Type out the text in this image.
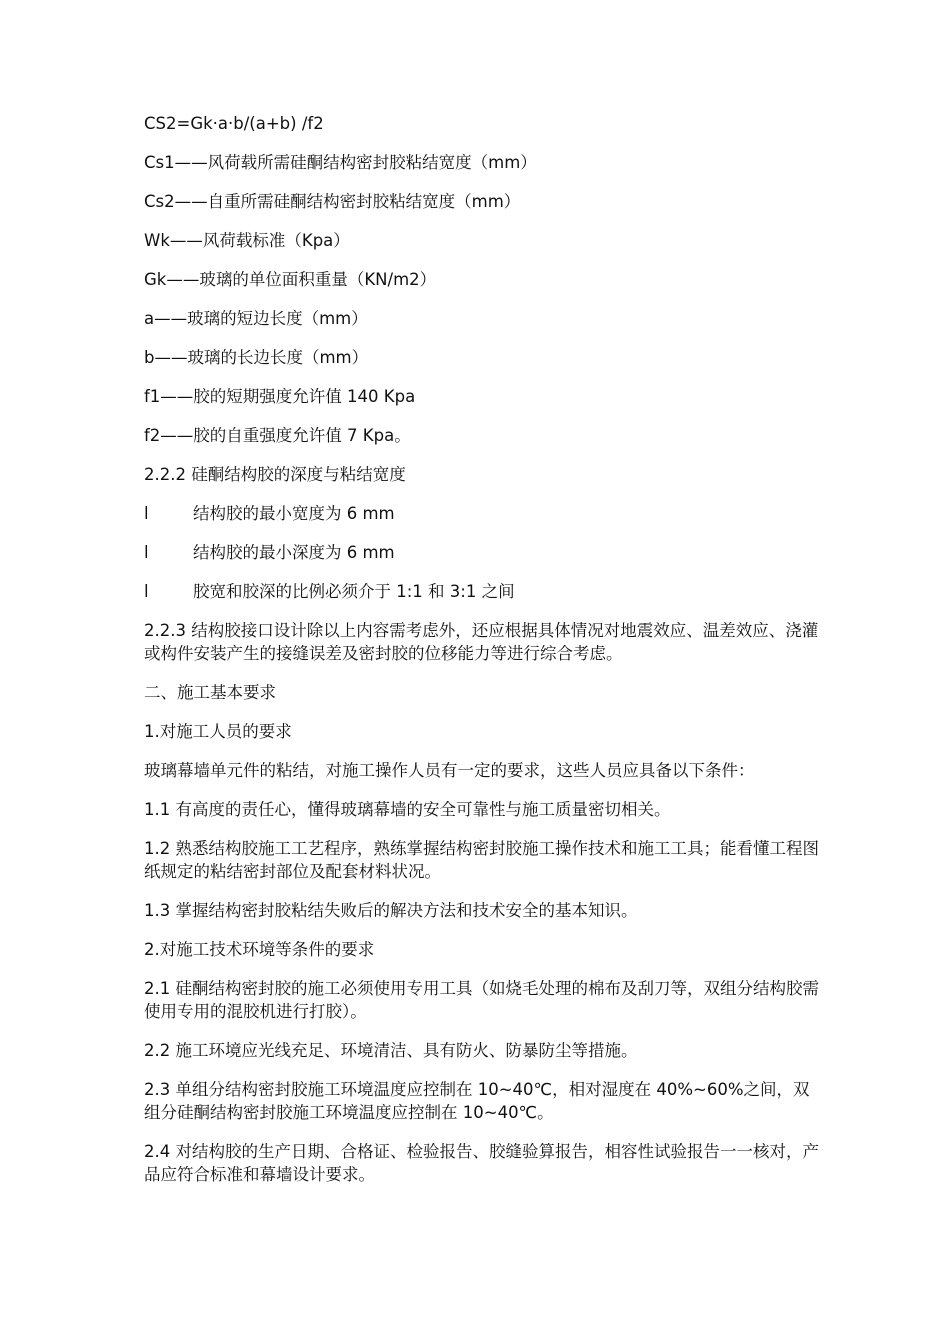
CS2=Gk·a·b/(a+b) /f2

Cs1——风荷载所需硅酮结构密封胶粘结宽度（mm）

Cs2——自重所需硅酮结构密封胶粘结宽度（mm）

Wk——风荷载标准（Kpa）

Gk——玻璃的单位面积重量（KN/m2）

a——玻璃的短边长度（mm）

b——玻璃的长边长度（mm）

f1——胶的短期强度允许值 140 Kpa

f2——胶的自重强度允许值 7 Kpa。

2.2.2 硅酮结构胶的深度与粘结宽度

l	结构胶的最小宽度为 6 mm
l	结构胶的最小深度为 6 mm
l	胶宽和胶深的比例必须介于 1:1 和 3:1 之间

2.2.3 结构胶接口设计除以上内容需考虑外，还应根据具体情况对地震效应、温差效应、浇灌或构件安装产生的接缝误差及密封胶的位移能力等进行综合考虑。

二、施工基本要求

1.对施工人员的要求

玻璃幕墙单元件的粘结，对施工操作人员有一定的要求，这些人员应具备以下条件：

1.1 有高度的责任心，懂得玻璃幕墙的安全可靠性与施工质量密切相关。

1.2 熟悉结构胶施工工艺程序，熟练掌握结构密封胶施工操作技术和施工工具；能看懂工程图纸规定的粘结密封部位及配套材料状况。

1.3 掌握结构密封胶粘结失败后的解决方法和技术安全的基本知识。

2.对施工技术环境等条件的要求

2.1 硅酮结构密封胶的施工必须使用专用工具（如烧毛处理的棉布及刮刀等，双组分结构胶需使用专用的混胶机进行打胶）。

2.2 施工环境应光线充足、环境清洁、具有防火、防暴防尘等措施。

2.3 单组分结构密封胶施工环境温度应控制在 10~40℃，相对湿度在 40%~60%之间，双组分硅酮结构密封胶施工环境温度应控制在 10~40℃。

2.4 对结构胶的生产日期、合格证、检验报告、胶缝验算报告，相容性试验报告一一核对，产品应符合标准和幕墙设计要求。
